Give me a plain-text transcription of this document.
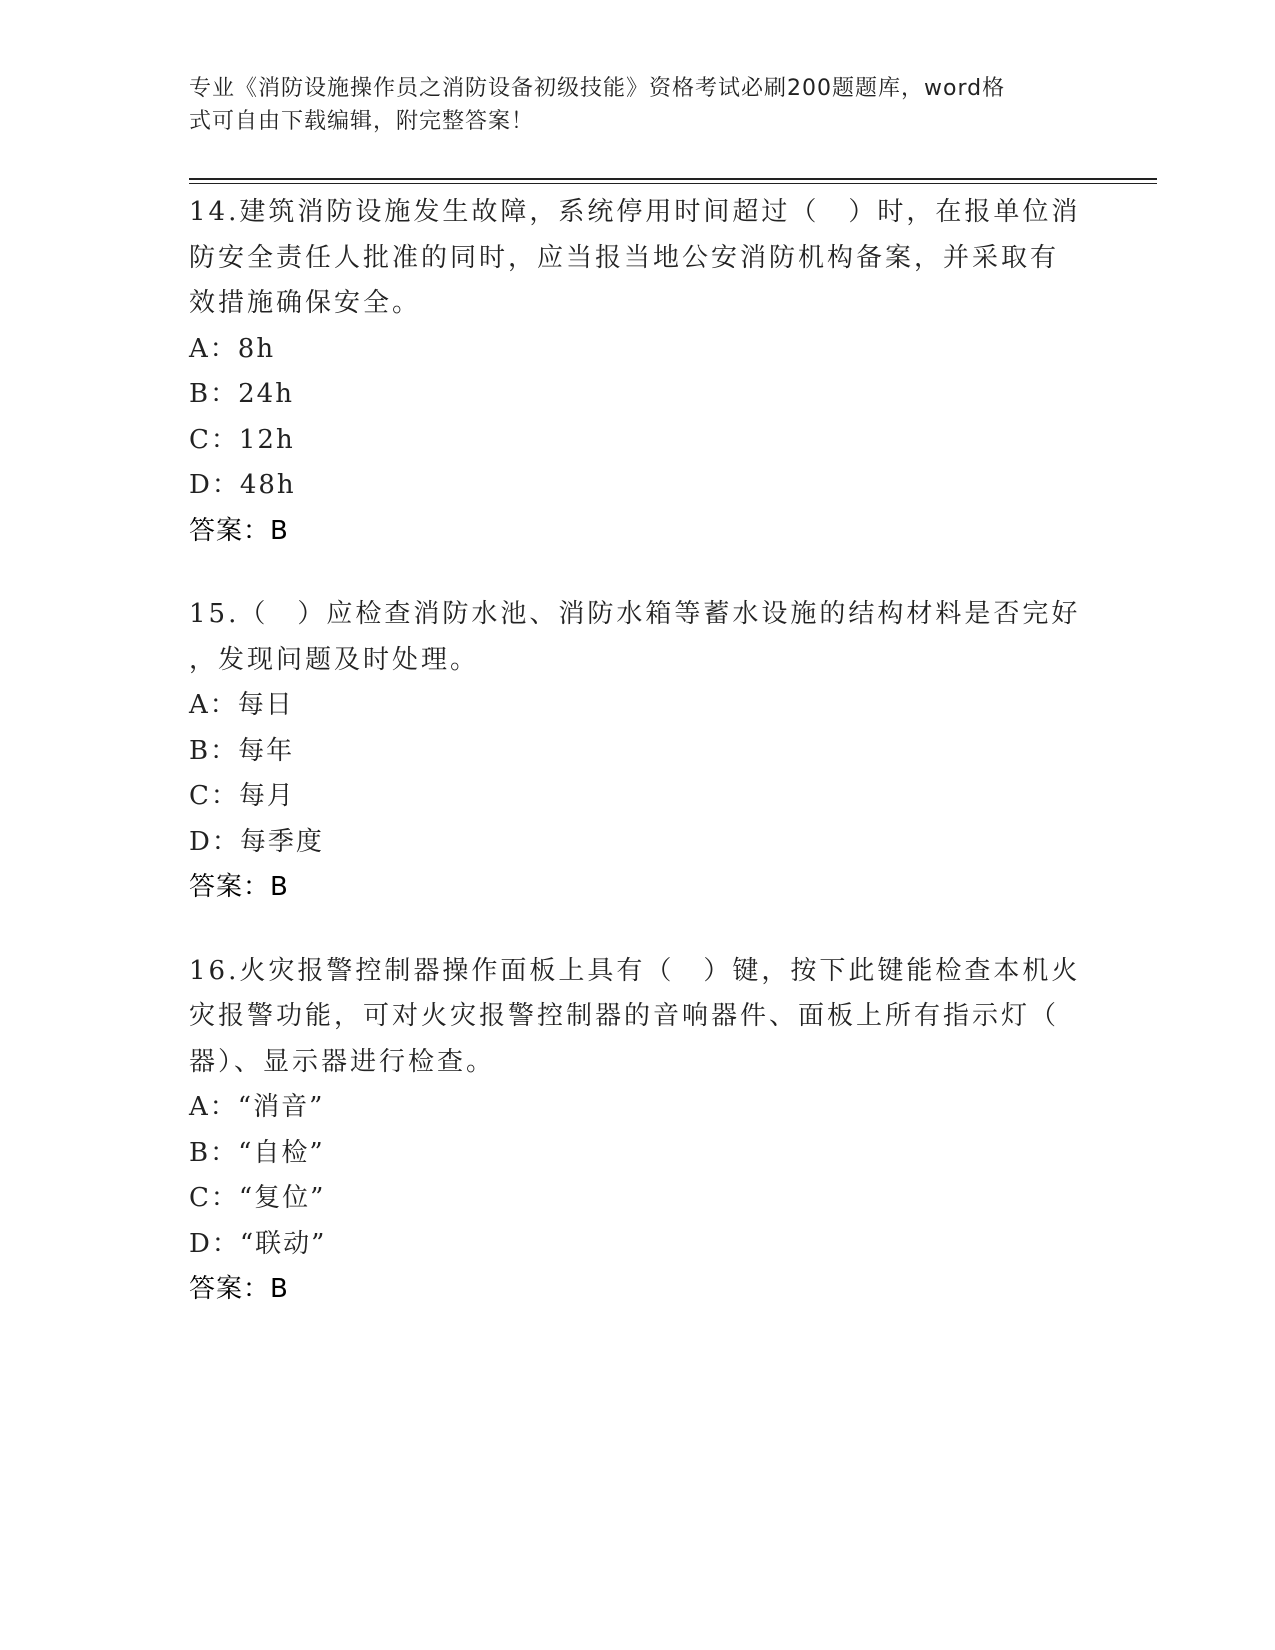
专业《消防设施操作员之消防设备初级技能》资格考试必刷200题题库，word格
式可自由下载编辑，附完整答案！

14.建筑消防设施发生故障，系统停用时间超过（　）时，在报单位消

防安全责任人批准的同时，应当报当地公安消防机构备案，并采取有

效措施确保安全。

A：8h

B：24h

C：12h

D：48h

答案：B

15.（　）应检查消防水池、消防水箱等蓄水设施的结构材料是否完好

，发现问题及时处理。

A：每日

B：每年

C：每月

D：每季度

答案：B

16.火灾报警控制器操作面板上具有（　）键，按下此键能检查本机火

灾报警功能，可对火灾报警控制器的音响器件、面板上所有指示灯（

器）、显示器进行检查。

A：“消音”

B：“自检”

C：“复位”

D：“联动”

答案：B
